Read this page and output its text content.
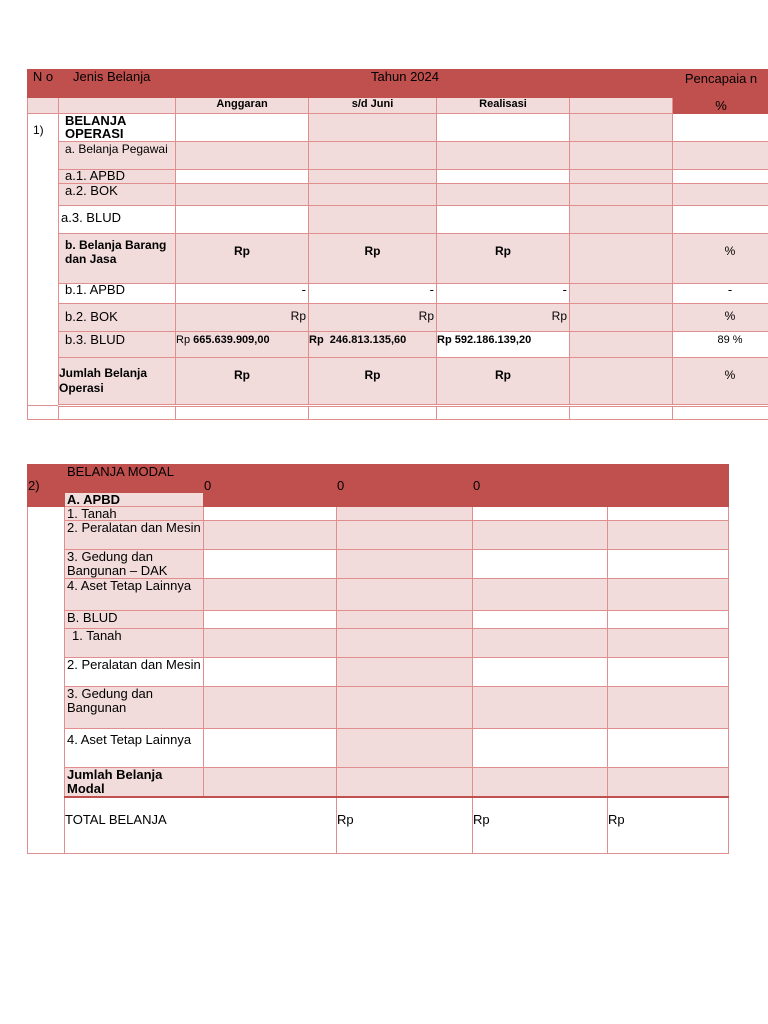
N o	Jenis Belanja	Tahun 2024				Pencapaia n
		Anggaran	s/d Juni	Realisasi		%
1)	BELANJA OPERASI					
	a. Belanja Pegawai					
	a.1. APBD					
	a.2. BOK					
	a.3. BLUD					
	b. Belanja Barang dan Jasa	Rp	Rp	Rp		%
	b.1. APBD	-	-	-		-
	b.2. BOK	Rp	Rp	Rp		%
	b.3. BLUD	Rp 665.639.909,00	Rp 246.813.135,60	Rp 592.186.139,20		89 %
	Jumlah Belanja Operasi	Rp	Rp	Rp		%

2)	BELANJA MODAL	0	0	0		
	A. APBD					
	1. Tanah					
	2. Peralatan dan Mesin					
	3. Gedung dan Bangunan – DAK					
	4. Aset Tetap Lainnya					
	B. BLUD					
	1. Tanah					
	2. Peralatan dan Mesin					
	3. Gedung dan Bangunan					
	4. Aset Tetap Lainnya					
	Jumlah Belanja Modal					
	TOTAL BELANJA		Rp	Rp	Rp	
